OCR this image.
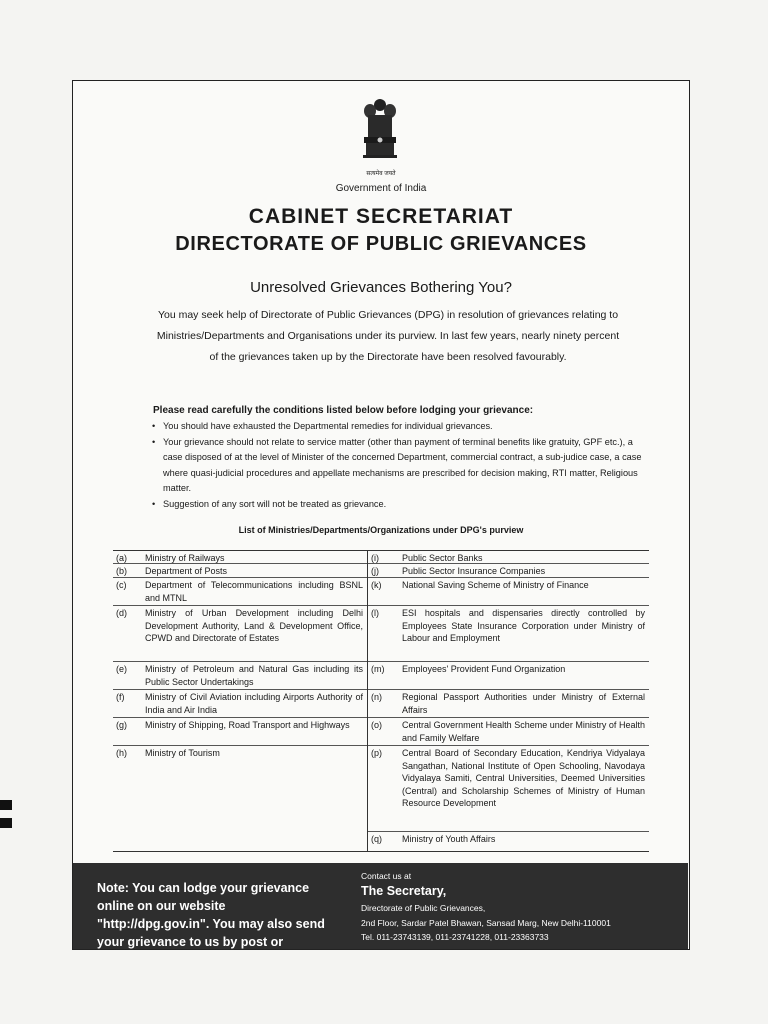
सत्यमेव जयते
Government of India
CABINET SECRETARIAT
DIRECTORATE OF PUBLIC GRIEVANCES
Unresolved Grievances Bothering You?
You may seek help of Directorate of Public Grievances (DPG) in resolution of grievances relating to Ministries/Departments and Organisations under its purview. In last few years, nearly ninety percent of the grievances taken up by the Directorate have been resolved favourably.
Please read carefully the conditions listed below before lodging your grievance:
• You should have exhausted the Departmental remedies for individual grievances.
• Your grievance should not relate to service matter (other than payment of terminal benefits like gratuity, GPF etc.), a case disposed of at the level of Minister of the concerned Department, commercial contract, a sub-judice case, a case where quasi-judicial procedures and appellate mechanisms are prescribed for decision making, RTI matter, Religious matter.
• Suggestion of any sort will not be treated as grievance.
List of Ministries/Departments/Organizations under DPG's purview
(a)	Ministry of Railways
(b)	Department of Posts
(c)	Department of Telecommunications including BSNL and MTNL
(d)	Ministry of Urban Development including Delhi Development Authority, Land & Development Office, CPWD and Directorate of Estates
(e)	Ministry of Petroleum and Natural Gas including its Public Sector Undertakings
(f)	Ministry of Civil Aviation including Airports Authority of India and Air India
(g)	Ministry of Shipping, Road Transport and Highways
(h)	Ministry of Tourism
(i)	Public Sector Banks
(j)	Public Sector Insurance Companies
(k)	National Saving Scheme of Ministry of Finance
(l)	ESI hospitals and dispensaries directly controlled by Employees State Insurance Corporation under Ministry of Labour and Employment
(m)	Employees' Provident Fund Organization
(n)	Regional Passport Authorities under Ministry of External Affairs
(o)	Central Government Health Scheme under Ministry of Health and Family Welfare
(p)	Central Board of Secondary Education, Kendriya Vidyalaya Sangathan, National Institute of Open Schooling, Navodaya Vidyalaya Samiti, Central Universities, Deemed Universities (Central) and Scholarship Schemes of Ministry of Human Resource Development
(q)	Ministry of Youth Affairs
Note: You can lodge your grievance online on our website "http://dpg.gov.in". You may also send your grievance to us by post or
Contact us at
The Secretary,
Directorate of Public Grievances,
2nd Floor, Sardar Patel Bhawan, Sansad Marg, New Delhi-110001
Tel. 011-23743139, 011-23741228, 011-23363733
